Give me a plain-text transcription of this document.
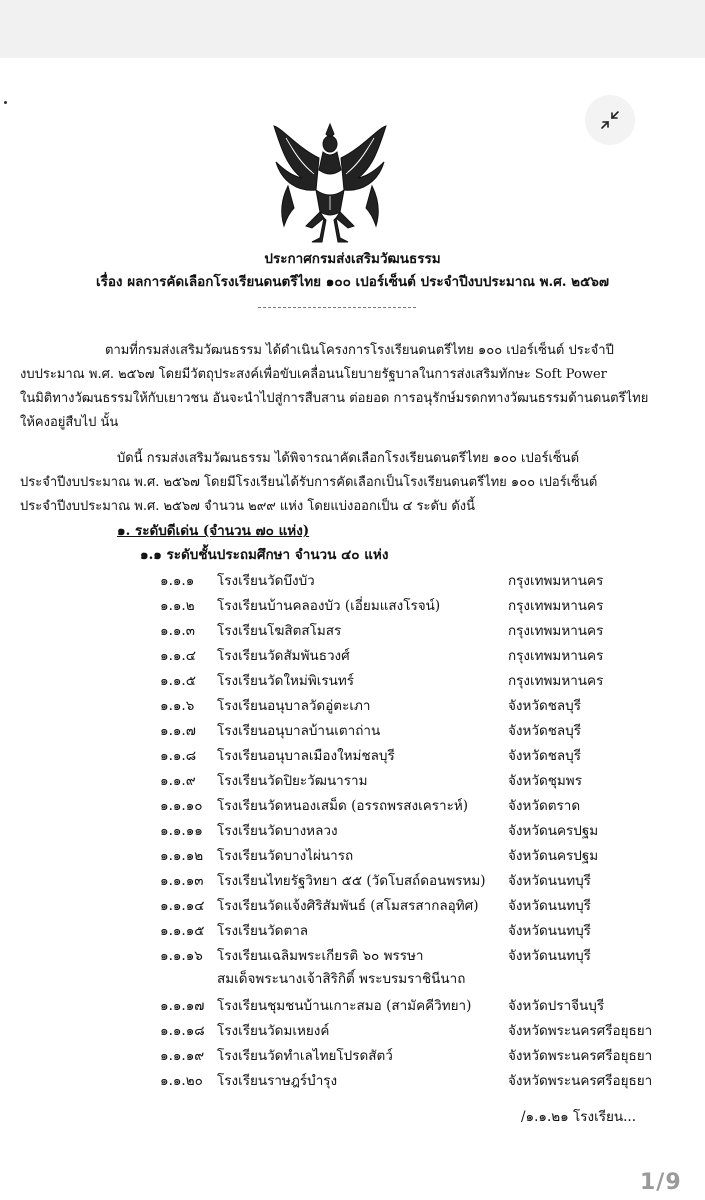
ประกาศกรมส่งเสริมวัฒนธรรม
เรื่อง ผลการคัดเลือกโรงเรียนดนตรีไทย ๑๐๐ เปอร์เซ็นต์ ประจำปีงบประมาณ พ.ศ. ๒๕๖๗
ตามที่กรมส่งเสริมวัฒนธรรม ได้ดำเนินโครงการโรงเรียนดนตรีไทย ๑๐๐ เปอร์เซ็นต์ ประจำปี
งบประมาณ พ.ศ. ๒๕๖๗ โดยมีวัตถุประสงค์เพื่อขับเคลื่อนนโยบายรัฐบาลในการส่งเสริมทักษะ Soft Power
ในมิติทางวัฒนธรรมให้กับเยาวชน อันจะนำไปสู่การสืบสาน ต่อยอด การอนุรักษ์มรดกทางวัฒนธรรมด้านดนตรีไทย
ให้คงอยู่สืบไป นั้น
บัดนี้ กรมส่งเสริมวัฒนธรรม ได้พิจารณาคัดเลือกโรงเรียนดนตรีไทย ๑๐๐ เปอร์เซ็นต์
ประจำปีงบประมาณ พ.ศ. ๒๕๖๗ โดยมีโรงเรียนได้รับการคัดเลือกเป็นโรงเรียนดนตรีไทย ๑๐๐ เปอร์เซ็นต์
ประจำปีงบประมาณ พ.ศ. ๒๕๖๗ จำนวน ๒๙๙ แห่ง โดยแบ่งออกเป็น ๔ ระดับ ดังนี้
๑. ระดับดีเด่น (จำนวน ๗๐ แห่ง)
๑.๑ ระดับชั้นประถมศึกษา จำนวน ๔๐ แห่ง
๑.๑.๑ โรงเรียนวัดบึงบัว	กรุงเทพมหานคร
๑.๑.๒ โรงเรียนบ้านคลองบัว (เอี่ยมแสงโรจน์)	กรุงเทพมหานคร
๑.๑.๓ โรงเรียนโฆสิตสโมสร	กรุงเทพมหานคร
๑.๑.๔ โรงเรียนวัดสัมพันธวงศ์	กรุงเทพมหานคร
๑.๑.๕ โรงเรียนวัดใหม่พิเรนทร์	กรุงเทพมหานคร
๑.๑.๖ โรงเรียนอนุบาลวัดอู่ตะเภา	จังหวัดชลบุรี
๑.๑.๗ โรงเรียนอนุบาลบ้านเตาถ่าน	จังหวัดชลบุรี
๑.๑.๘ โรงเรียนอนุบาลเมืองใหม่ชลบุรี	จังหวัดชลบุรี
๑.๑.๙ โรงเรียนวัดปิยะวัฒนาราม	จังหวัดชุมพร
๑.๑.๑๐ โรงเรียนวัดหนองเสม็ด (อรรถพรสงเคราะห์)	จังหวัดตราด
๑.๑.๑๑ โรงเรียนวัดบางหลวง	จังหวัดนครปฐม
๑.๑.๑๒ โรงเรียนวัดบางไผ่นารถ	จังหวัดนครปฐม
๑.๑.๑๓ โรงเรียนไทยรัฐวิทยา ๕๕ (วัดโบสถ์ดอนพรหม) จังหวัดนนทบุรี
๑.๑.๑๔ โรงเรียนวัดแจ้งศิริสัมพันธ์ (สโมสรสากลอุทิศ) จังหวัดนนทบุรี
๑.๑.๑๕ โรงเรียนวัดตาล	จังหวัดนนทบุรี
๑.๑.๑๖ โรงเรียนเฉลิมพระเกียรติ ๖๐ พรรษา	จังหวัดนนทบุรี
สมเด็จพระนางเจ้าสิริกิติ์ พระบรมราชินีนาถ
๑.๑.๑๗ โรงเรียนชุมชนบ้านเกาะสมอ (สามัคคีวิทยา)	จังหวัดปราจีนบุรี
๑.๑.๑๘ โรงเรียนวัดมเหยงค์	จังหวัดพระนครศรีอยุธยา
๑.๑.๑๙ โรงเรียนวัดทำเลไทยโปรดสัตว์	จังหวัดพระนครศรีอยุธยา
๑.๑.๒๐ โรงเรียนราษฎร์บำรุง	จังหวัดพระนครศรีอยุธยา
/๑.๑.๒๑ โรงเรียน...
1/9
